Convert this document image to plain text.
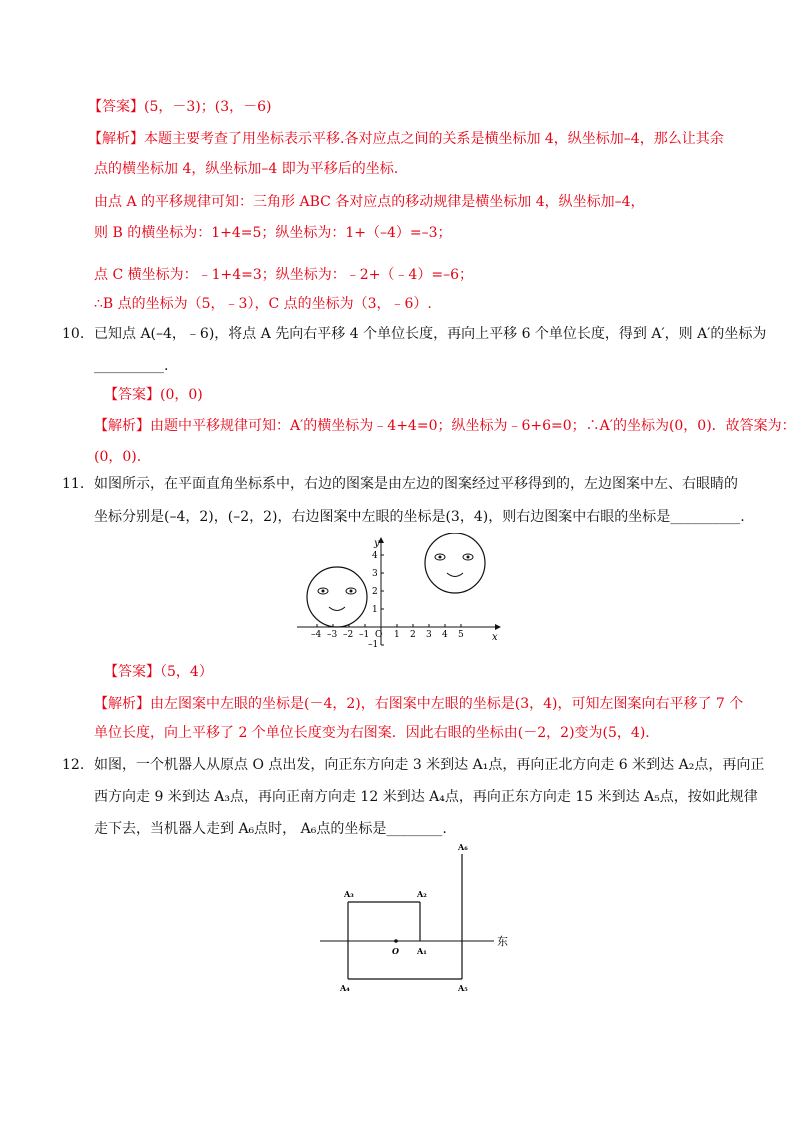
【答案】(5，－3)；(3，－6)
【解析】本题主要考查了用坐标表示平移.各对应点之间的关系是横坐标加 4，纵坐标加–4，那么让其余
点的横坐标加 4，纵坐标加–4 即为平移后的坐标.
由点 A 的平移规律可知：三角形 ABC 各对应点的移动规律是横坐标加 4，纵坐标加–4，
则 B 的横坐标为：1+4=5；纵坐标为：1+（–4）=–3；
点 C 横坐标为：﹣1+4=3；纵坐标为：﹣2+（﹣4）=–6；
∴B 点的坐标为（5，﹣3），C 点的坐标为（3，﹣6）.
10. 已知点 A(–4，﹣6)，将点 A 先向右平移 4 个单位长度，再向上平移 6 个单位长度，得到 A′，则 A′的坐标为
__________.
【答案】(0，0)
【解析】由题中平移规律可知：A′的横坐标为﹣4+4=0；纵坐标为﹣6+6=0；∴A′的坐标为(0，0)．故答案为：
(0，0).
11. 如图所示，在平面直角坐标系中，右边的图案是由左边的图案经过平移得到的，左边图案中左、右眼睛的
坐标分别是(–4，2)，(–2，2)，右边图案中左眼的坐标是(3，4)，则右边图案中右眼的坐标是__________.
y
x
–4 –3 –2 –1 O 1 2 3 4 5
4
3
2
1
–1
【答案】（5，4）
【解析】由左图案中左眼的坐标是(－4，2)，右图案中左眼的坐标是(3，4)，可知左图案向右平移了 7 个
单位长度，向上平移了 2 个单位长度变为右图案．因此右眼的坐标由(－2，2)变为(5，4).
12. 如图，一个机器人从原点 O 点出发，向正东方向走 3 米到达 A₁点，再向正北方向走 6 米到达 A₂点，再向正
西方向走 9 米到达 A₃点，再向正南方向走 12 米到达 A₄点，再向正东方向走 15 米到达 A₅点，按如此规律
走下去，当机器人走到 A₆点时， A₆点的坐标是________.
东
O A₁
A₂
A₃
A₄	A₅
A₆
